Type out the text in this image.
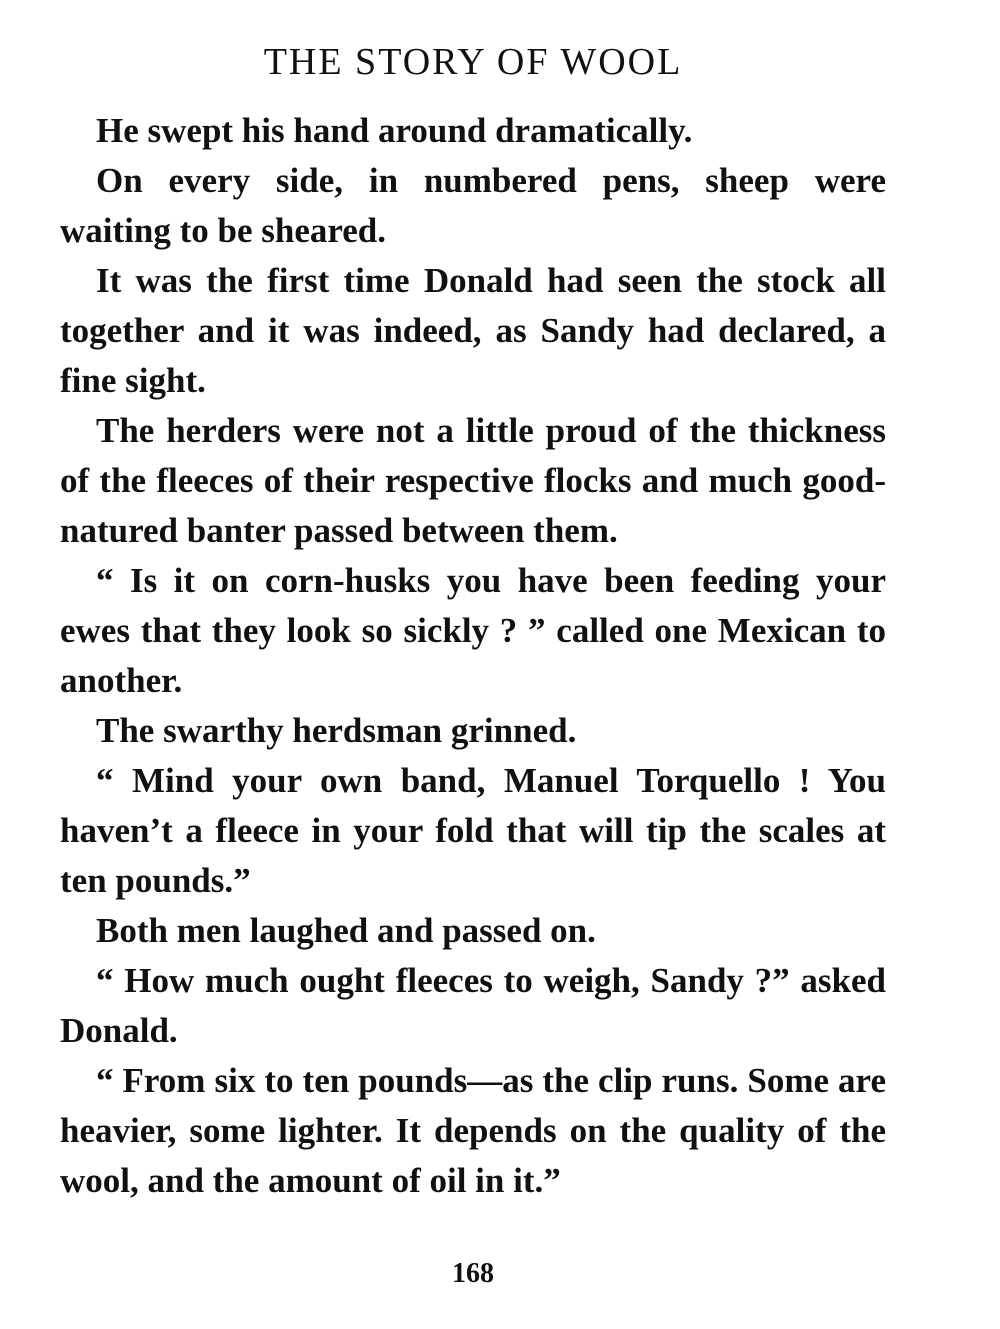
THE STORY OF WOOL

He swept his hand around dramatically.

On every side, in numbered pens, sheep were waiting to be sheared.

It was the first time Donald had seen the stock all together and it was indeed, as Sandy had declared, a fine sight.

The herders were not a little proud of the thickness of the fleeces of their respective flocks and much good-natured banter passed between them.

“ Is it on corn-husks you have been feeding your ewes that they look so sickly ? ” called one Mexican to another.

The swarthy herdsman grinned.

“ Mind your own band, Manuel Torquello ! You haven’t a fleece in your fold that will tip the scales at ten pounds.”

Both men laughed and passed on.

“ How much ought fleeces to weigh, Sandy ?” asked Donald.

“ From six to ten pounds—as the clip runs. Some are heavier, some lighter. It depends on the quality of the wool, and the amount of oil in it.”

168
